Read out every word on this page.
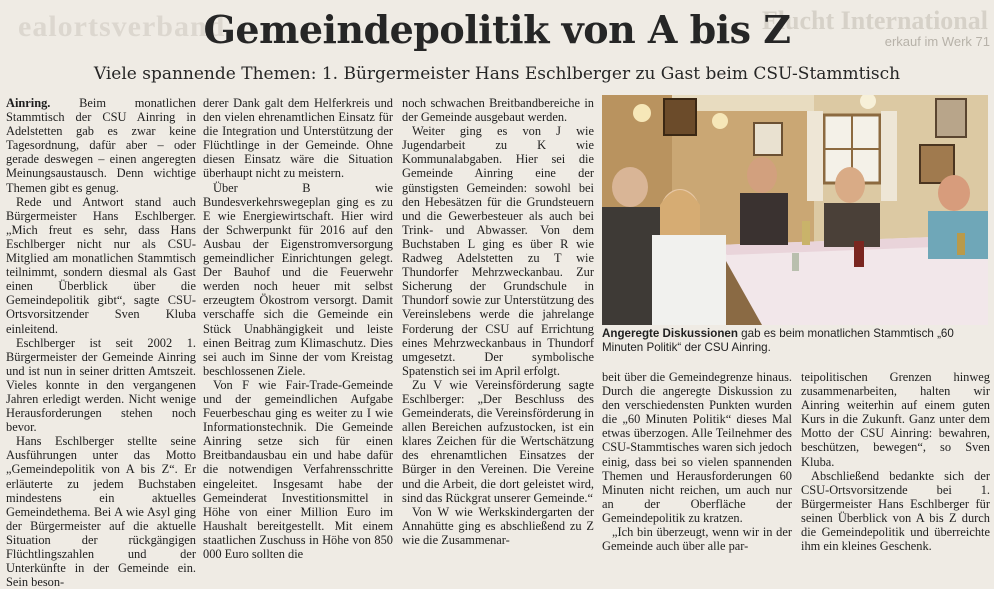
ealortsverband	Flucht International
erkauf im Werk 71
Gemeindepolitik von A bis Z
Viele spannende Themen: 1. Bürgermeister Hans Eschlberger zu Gast beim CSU-Stammtisch

Ainring. Beim monatlichen Stammtisch der CSU Ainring in Adelstetten gab es zwar keine Tagesordnung, dafür aber – oder gerade deswegen – einen angeregten Meinungsaustausch. Denn wichtige Themen gibt es genug.

Rede und Antwort stand auch Bürgermeister Hans Eschlberger. „Mich freut es sehr, dass Hans Eschlberger nicht nur als CSU-Mitglied am monatlichen Stammtisch teilnimmt, sondern diesmal als Gast einen Überblick über die Gemeindepolitik gibt“, sagte CSU-Ortsvorsitzender Sven Kluba einleitend.

Eschlberger ist seit 2002 1. Bürgermeister der Gemeinde Ainring und ist nun in seiner dritten Amtszeit. Vieles konnte in den vergangenen Jahren erledigt werden. Nicht wenige Herausforderungen stehen noch bevor.

Hans Eschlberger stellte seine Ausführungen unter das Motto „Gemeindepolitik von A bis Z“. Er erläuterte zu jedem Buchstaben mindestens ein aktuelles Gemeindethema. Bei A wie Asyl ging der Bürgermeister auf die aktuelle Situation der rückgängigen Flüchtlingszahlen und der Unterkünfte in der Gemeinde ein. Sein beson-

derer Dank galt dem Helferkreis und den vielen ehrenamtlichen Einsatz für die Integration und Unterstützung der Flüchtlinge in der Gemeinde. Ohne diesen Einsatz wäre die Situation überhaupt nicht zu meistern.

Über B wie Bundesverkehrswegeplan ging es zu E wie Energiewirtschaft. Hier wird der Schwerpunkt für 2016 auf den Ausbau der Eigenstromversorgung gemeindlicher Einrichtungen gelegt. Der Bauhof und die Feuerwehr werden noch heuer mit selbst erzeugtem Ökostrom versorgt. Damit verschaffe sich die Gemeinde ein Stück Unabhängigkeit und leiste einen Beitrag zum Klimaschutz. Dies sei auch im Sinne der vom Kreistag beschlossenen Ziele.

Von F wie Fair-Trade-Gemeinde und der gemeindlichen Aufgabe Feuerbeschau ging es weiter zu I wie Informationstechnik. Die Gemeinde Ainring setze sich für einen Breitbandausbau ein und habe dafür die notwendigen Verfahrensschritte eingeleitet. Insgesamt habe der Gemeinderat Investitionsmittel in Höhe von einer Million Euro im Haushalt bereitgestellt. Mit einem staatlichen Zuschuss in Höhe von 850 000 Euro sollten die

noch schwachen Breitbandbereiche in der Gemeinde ausgebaut werden.

Weiter ging es von J wie Jugendarbeit zu K wie Kommunalabgaben. Hier sei die Gemeinde Ainring eine der günstigsten Gemeinden: sowohl bei den Hebesätzen für die Grundsteuern und die Gewerbesteuer als auch bei Trink- und Abwasser. Von dem Buchstaben L ging es über R wie Radweg Adelstetten zu T wie Thundorfer Mehrzweckanbau. Zur Sicherung der Grundschule in Thundorf sowie zur Unterstützung des Vereinslebens werde die jahrelange Forderung der CSU auf Errichtung eines Mehrzweckanbaus in Thundorf umgesetzt. Der symbolische Spatenstich sei im April erfolgt.

Zu V wie Vereinsförderung sagte Eschlberger: „Der Beschluss des Gemeinderats, die Vereinsförderung in allen Bereichen aufzustocken, ist ein klares Zeichen für die Wertschätzung des ehrenamtlichen Einsatzes der Bürger in den Vereinen. Die Vereine und die Arbeit, die dort geleistet wird, sind das Rückgrat unserer Gemeinde.“

Von W wie Werkskindergarten der Annahütte ging es abschließend zu Z wie die Zusammenar-

Angeregte Diskussionen gab es beim monatlichen Stammtisch „60 Minuten Politik“ der CSU Ainring.

beit über die Gemeindegrenze hinaus. Durch die angeregte Diskussion zu den verschiedensten Punkten wurden die „60 Minuten Politik“ dieses Mal etwas überzogen. Alle Teilnehmer des CSU-Stammtisches waren sich jedoch einig, dass bei so vielen spannenden Themen und Herausforderungen 60 Minuten nicht reichen, um auch nur an der Oberfläche der Gemeindepolitik zu kratzen.

„Ich bin überzeugt, wenn wir in der Gemeinde auch über alle par-

teipolitischen Grenzen hinweg zusammenarbeiten, halten wir Ainring weiterhin auf einem guten Kurs in die Zukunft. Ganz unter dem Motto der CSU Ainring: bewahren, beschützen, bewegen“, so Sven Kluba.

Abschließend bedankte sich der CSU-Ortsvorsitzende bei 1. Bürgermeister Hans Eschlberger für seinen Überblick von A bis Z durch die Gemeindepolitik und überreichte ihm ein kleines Geschenk.
